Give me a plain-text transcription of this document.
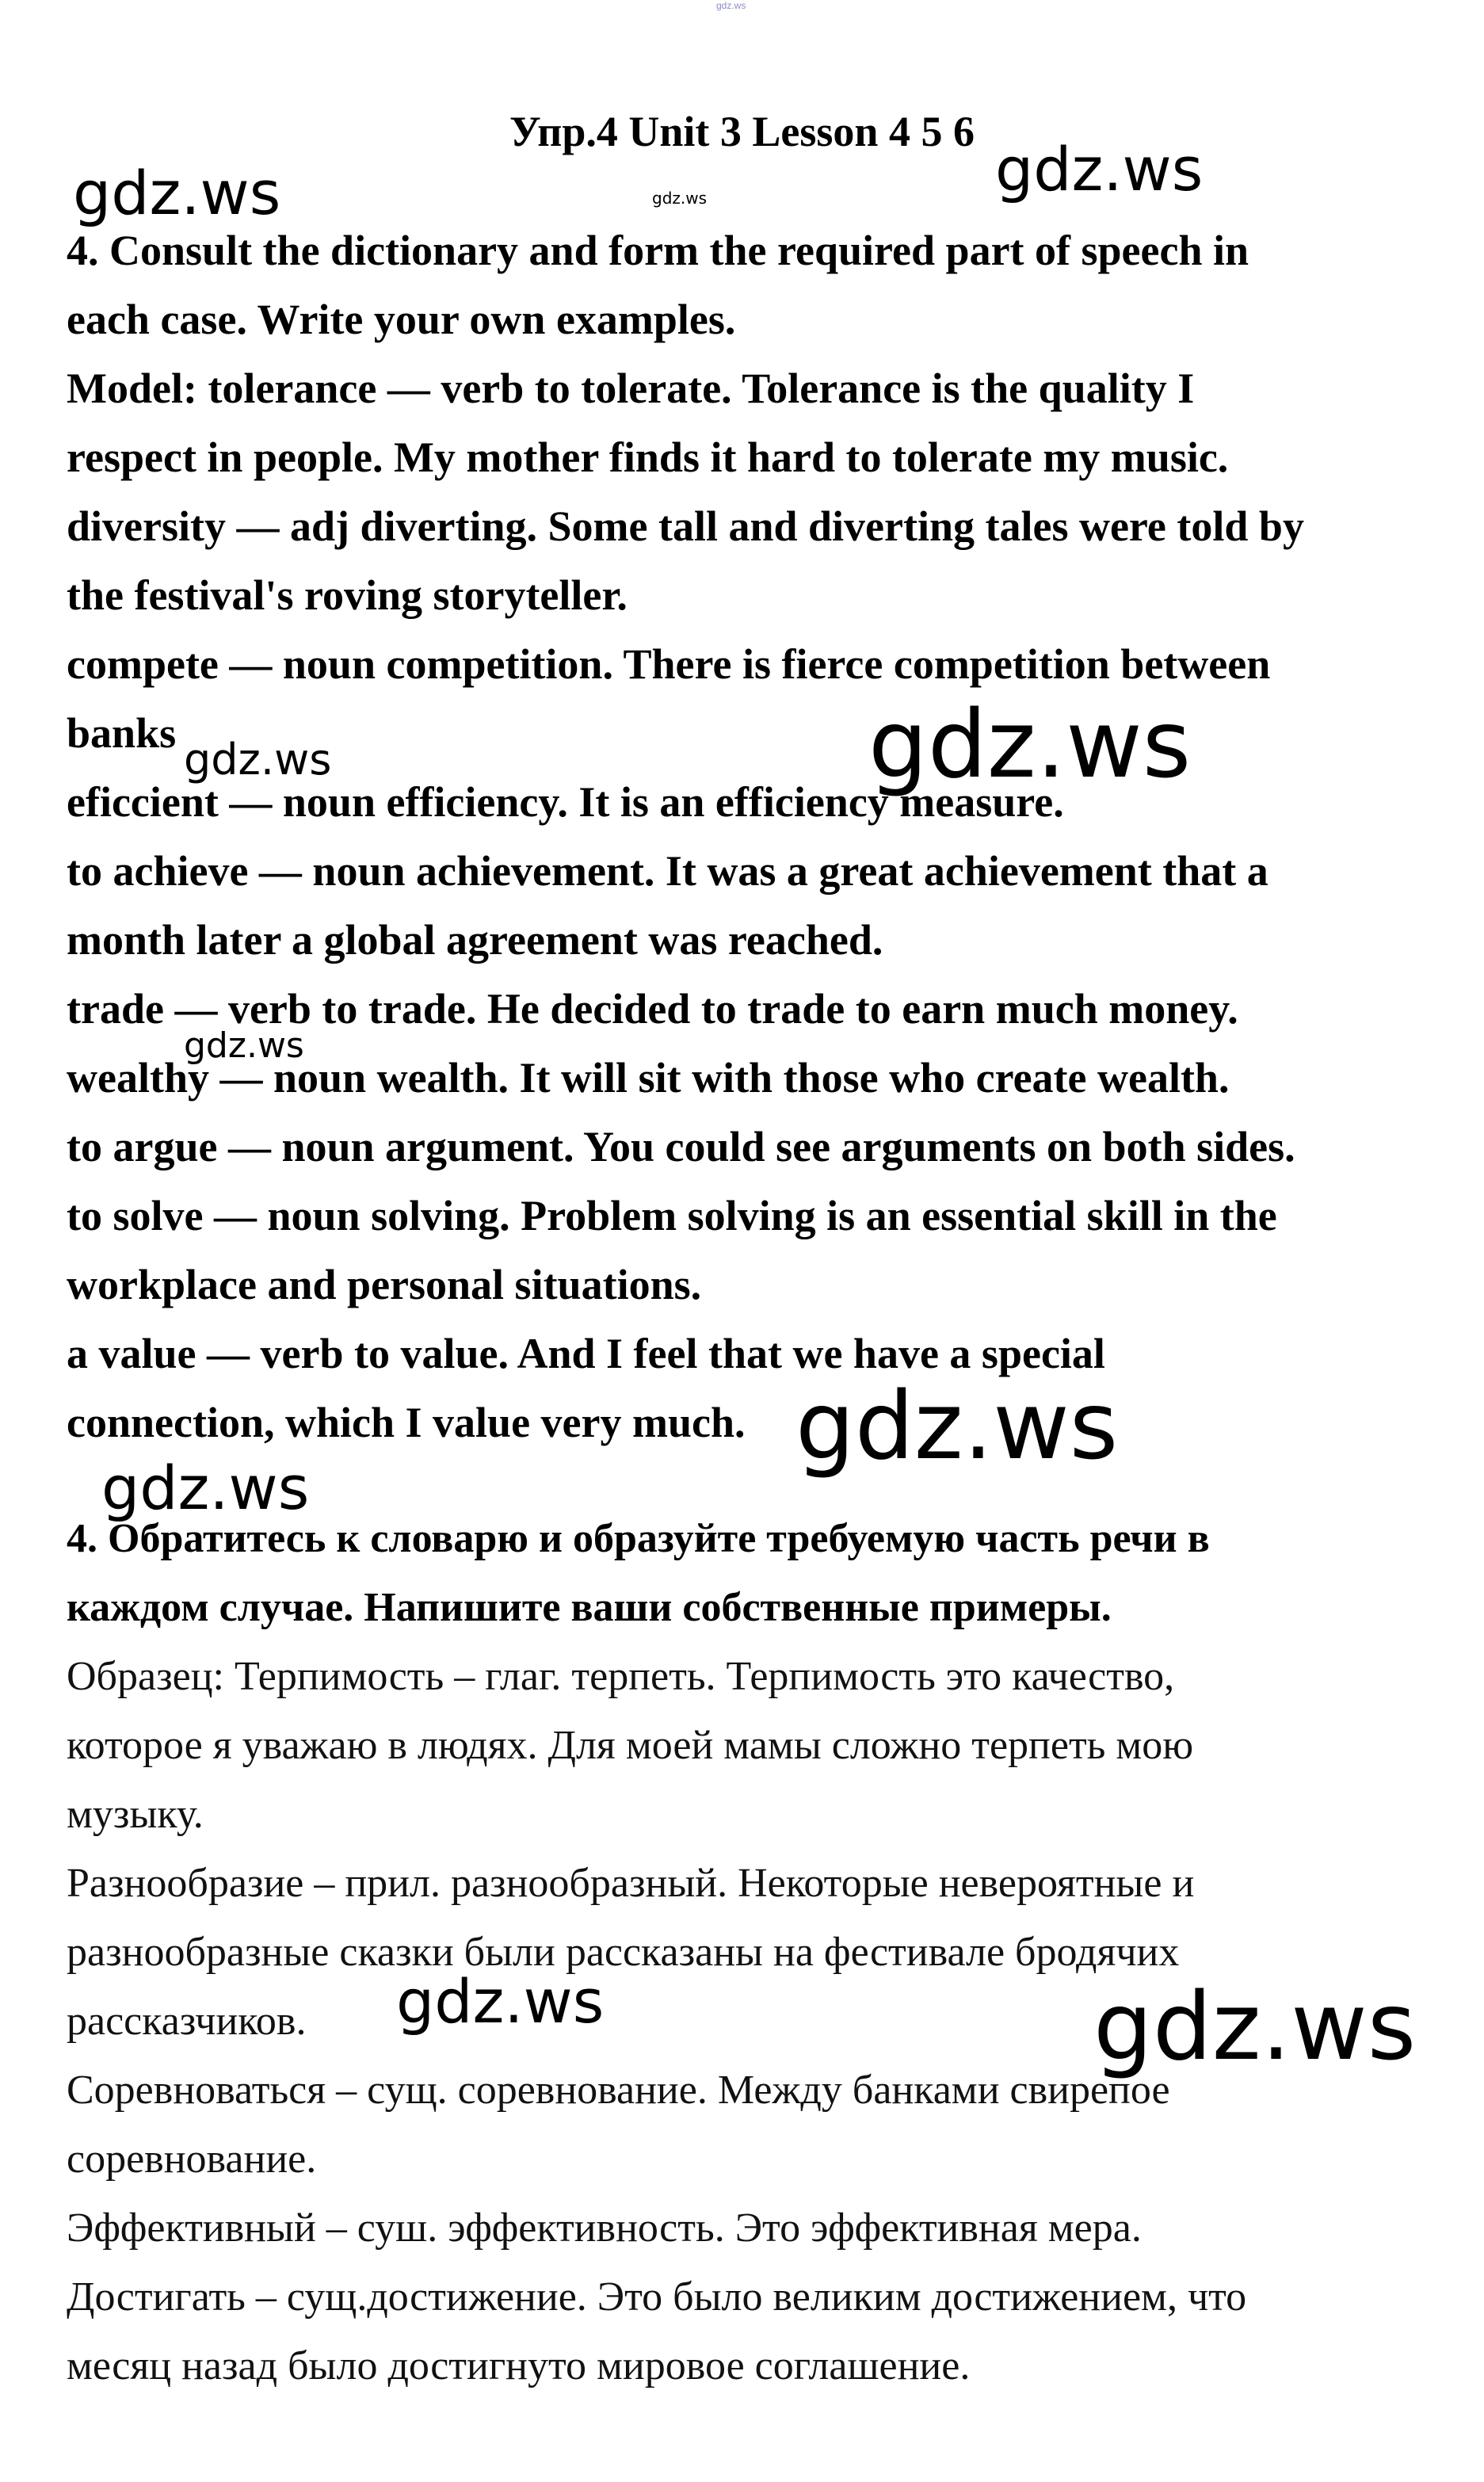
gdz.ws
Упр.4 Unit 3 Lesson 4 5 6
4. Consult the dictionary and form the required part of speech in
each case. Write your own examples.
Model: tolerance — verb to tolerate. Tolerance is the quality I
respect in people. My mother finds it hard to tolerate my music.
diversity — adj diverting. Some tall and diverting tales were told by
the festival's roving storyteller.
compete — noun competition. There is fierce competition between
banks
eficcient — noun efficiency. It is an efficiency measure.
to achieve — noun achievement. It was a great achievement that a
month later a global agreement was reached.
trade — verb to trade. He decided to trade to earn much money.
wealthy — noun wealth. It will sit with those who create wealth.
to argue — noun argument. You could see arguments on both sides.
to solve — noun solving. Problem solving is an essential skill in the
workplace and personal situations.
a value — verb to value. And I feel that we have a special
connection, which I value very much.
4. Обратитесь к словарю и образуйте требуемую часть речи в
каждом случае. Напишите ваши собственные примеры.
Образец: Терпимость – глаг. терпеть. Терпимость это качество,
которое я уважаю в людях. Для моей мамы сложно терпеть мою
музыку.
Разнообразие – прил. разнообразный. Некоторые невероятные и
разнообразные сказки были рассказаны на фестивале бродячих
рассказчиков.
Соревноваться – сущ. соревнование. Между банками свирепое
соревнование.
Эффективный – суш. эффективность. Это эффективная мера.
Достигать – сущ.достижение. Это было великим достижением, что
месяц назад было достигнуто мировое соглашение.
gdz.ws	gdz.ws
gdz.ws
gdz.ws	gdz.ws
gdz.ws
gdz.ws
gdz.ws
gdz.ws	gdz.ws
